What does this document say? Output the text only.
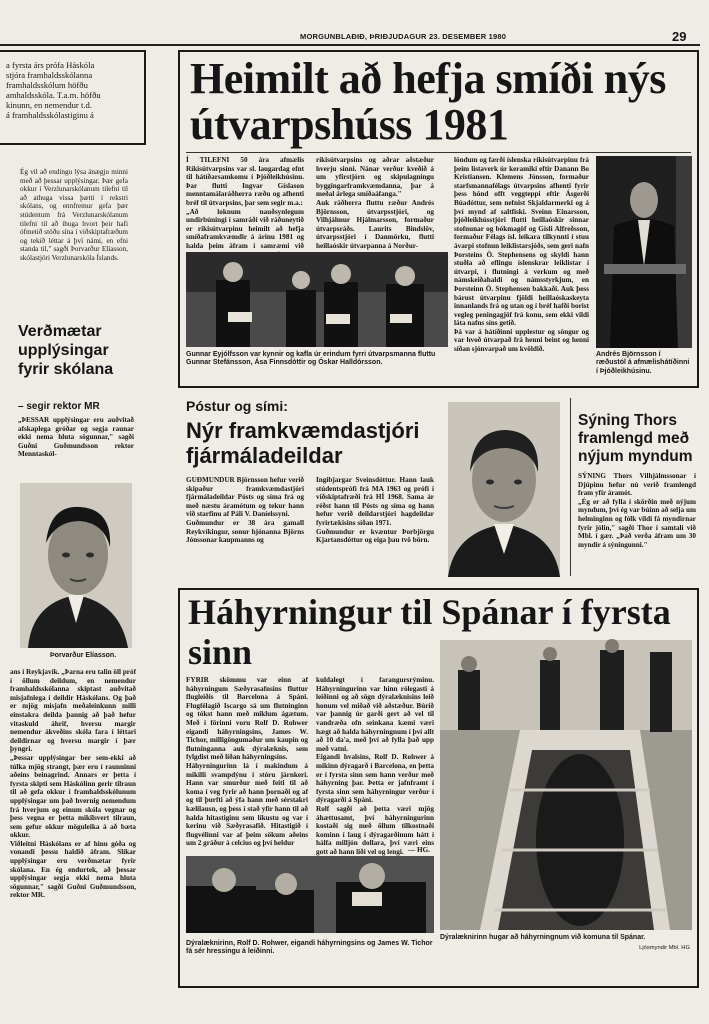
MORGUNBLAÐIÐ, ÞRIÐJUDAGUR 23. DESEMBER 1980	29
a fyrsta árs prófa Háskóla
stjóra framhaldsskólanna
framhaldsskólum höfðu
amhaldsskóla. T.a.m. höfðu
kinunn, en nemendur t.d.
á framhaldsskólastiginu á
Ég vil að endingu lýsa ánægju minni með að þessar upplýsingar. Þær gefa okkur í Verzlunarskólanum tilefni til að athuga vissa þætti í rekstri skólans, og ennfremur gefa þær stúdentum frá Verzlunarskólanum tilefni til að íhuga hvort þeir hafi ófmetið stöðu sína í viðskiptafræðum og tekið léttar á því námi, en efni standa til," sagði Þorvarður Elíasson, skólastjóri Verzlunarskóla Íslands.
Verðmætar upplýsingar fyrir skólana
– segir rektor MR
„ÞESSAR upplýsingar eru auðvitað afskaplega gróðar og segja raunar ekki nema hluta sögunnar," sagði Guðni Guðmundsson rektor Menntaskól-
Þorvarður Elíasson.
ans í Reykjavík. „Þarna eru talin öll próf í öllum deildum, en nemendur framhaldsskólanna skiptast auðvitað misjafnlega í deildir Háskólans. Og það er mjög misjafn meðaleinkunn milli einstakra deilda þannig að það hefur vitaskuld áhrif, hversu margir nemendur ákveðins skóla fara í léttari deildirnar og hversu margir í þær þyngri.
„Þessar upplýsingar ber sem-ekki að túlka mjög strangt, þær eru í raunninni aðeins beinagrind. Annars er þetta í fyrsta skipti sem Háskólinn gerir tilraun til að gefa okkur í framhaldsskólunum upplýsingar um það hvernig nemendum frá hverjum og einum skóla vegnar og þess vegna er þetta mikilsvert tilraun, sem gefur okkur möguleika á að bæta okkur.
Viðleitni Háskólans er af hinu góða og vonandi þessu haldið áfram. Slíkar upplýsingar eru verðmætar fyrir skólana. En ég endurtek, að þessar upplýsingar segja ekki nema hluta sögunnar," sagði Guðni Guðmundsson, rektor MR.
Heimilt að hefja smíði nýs útvarpshúss 1981
Í TILEFNI 50 ára afmælis Ríkisútvarpsins var sl. laugardag efnt til hátíðarsamkomu í Þjóðleikhúsinu. Þar flutti Ingvar Gíslason menntamálaráðherra ræðu og afhenti bréf til útvarpsins, þar sem segir m.a.:
„Að loknum nauðsynlegum undirbúningi í samráði við ráðuneytið er ríkisútvarpinu heimilt að hefja smíðaframkvæmdir á árinu 1981 og halda þeim áfram í samræmi við
ríkisútvarpsins og aðrar aðstæður hverju sinni. Nánar verður kveðið á um yfirstjórn og skipulagningu byggingarframkvæmdanna, þar á meðal árlega smíðaáfanga."
Auk ráðherra fluttu ræður Andrés Björnsson, útvarpsstjóri, og Vilhjálmur Hjálmarsson, formaður útvarpsráðs. Laurits Bindslöv, útvarpsstjóri í Danmörku, flutti heillaóskir útvarpanna á Norður-
löndum og færði íslenska ríkisútvarpinu frá þeim listaverk úr keramiki eftir Danann Bo Kristiansen. Klemens Jónsson, formaður starfsmannafélags útvarpsins afhenti fyrir þess hönd offt veggteppi eftir Ásgerði Búadóttur, sem nefnist Skjaldarmerki og á því mynd af saltfiski. Sveinn Einarsson, þjóðleikhússtjóri flutti heillaóskir sinnar stofnunar og bókmagöf og Gísli Alfreðsson, formaður Félags ísl. leikara tilkynnti í stuu ávarpi stofnun leiklistarsjóðs, sem geri nafn Þorsteins Ö. Stephensens og skyldi hann stuðla að eflingu íslenskrar leiklistar í útvarpi, í flutningi á verkum og með námskeiðahaldi og námsstyrkjum, en Þorsteinn Ö. Stephensen bakkaði. Auk þess bárust útvarpinu fjöldi heillaóskaskeyta innanlands frá og utan og í bréf hafði borist vegleg peningagjöf frá konu, sem ekki vildi láta nafns síns getið.
Þá var á hátíðinni upplestur og söngur og var hvoð útvarpað frá henni beint og henni síðan sjónvarpað um kvöldið.
Gunnar Eyjólfsson var kynnir og kafla úr erindum fyrri útvarpsmanna fluttu Gunnar Stefánsson, Ása Finnsdóttir og Óskar Halldórsson.
Andrés Björnsson í ræðustól á afmælishátíðinni í Þjóðleikhúsinu.
Póstur og sími:
Nýr framkvæmdastjóri fjármáladeildar
GUÐMUNDUR Björnsson hefur verið skipaður framkvæmdastjóri fjármáladeildar Pósts og síma frá og með næstu áramótum og tekur hann við starfinu af Páli V. Daníelssyni.
Guðmundur er 38 ára gamall Reykvíkingur, sonur hjónanna Björns Jónssonar kaupmanns og
Ingibjargar Sveinsdóttur. Hann lauk stúdentsprófi frá MA 1963 og prófi í viðskiptafræði frá HÍ 1968. Sama ár réðst hann til Pósts og síma og hann hefur verið deildarstjóri hagdeildar fyrirtækisins síðan 1971.
Guðmundur er kvæntur Þorbjörgu Kjartansdóttur og eiga þau tvö börn.
Sýning Thors framlengd með nýjum myndum
SÝNING Thors Vilhjálmssonar í Djúpinu hefur nú verið framlengd fram yfir áramót.
„Ég er að fylla í skörðin með nýjum myndum, því ég var búinn að selja um helminginn og fólk vildi fá myndirnar fyrir jólin," sagði Thor í samtali við Mbl. í gær. „Það verða áfram um 30 myndir á sýningunni."
Háhyrningur til Spánar í fyrsta sinn
FYRIR skömmu var einn af háhyrningum Sæðyrasafnsins fluttur flugleiðis til Barcelona á Spáni. Flugfélagið Iscargo sá um flutninginn og tókst hann með miklum ágætum. Með í förinni voru Rolf D. Rohwer eigandi háhyrningsins, James W. Tichor, milligöngumaður um kaupin og flutninganna auk dýralæknis, sem fylgdist með líðan háhyrningsins.
Háhyrningurinn lá í makindum á mikilli svampdýnu í stóru járnkeri. Hann var smurður með feiti til að koma í veg fyrir að hann þornaði og af og til þurfti að ýfa hann með sérstakri kælilausn, og þess í stað yfir hann til að halda hitastiginu sem líkustu og var í kerinu við Sæðyrasafið. Hitastigið í flugvélinni var af þeim sökum aðeins um 2 gráður á celcius og því heldur
kuldalegt í farangursrýminu. Háhyrningurinn var hinn rólegasti á leiðinni og að sögn dýralæknisins leið honum vel miðað við aðstæður. Búrið var þannig úr garði gert að vel til vandræða ofn seinkana kæmi væri hægt að halda háhyrningnum í því allt að 10 da'a, með því að fylla það upp með vatni.
Eigandi hvalsins, Rolf D. Rohwer á mikinn dýragarð í Barcelona, en þetta er í fyrsta sinn sem hann verður með háhyrning þar. Þetta er jafnframt í fyrsta sinn sem háhyrningur verður í dýragarði á Spáni.
Rolf sagði að þetta væri mjög áhættusamt, því háhyrningurinn kostaði sig með öllum tilkostnaði kominn í laug í dýragarðinum hátt í hálfa milljón dollara, því væri eins gott að hann liði vel og lengi. — HG.
Dýralæknirinn, Rolf D. Rohwer, eigandi háhyrningsins og James W. Tichor fá sér hressingu á leiðinni.
Dýralæknirinn hugar að háhyrningnum við komuna til Spánar.
Ljósmyndir Mbl. HG
